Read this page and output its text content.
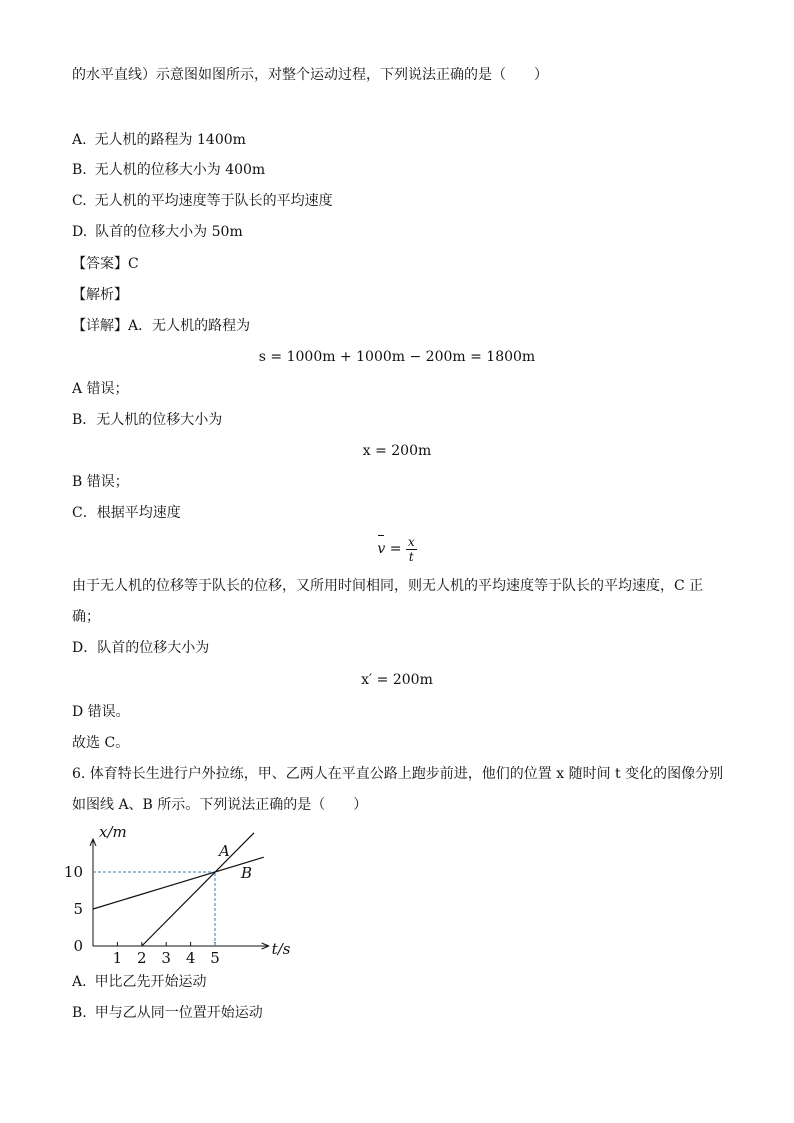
的水平直线）示意图如图所示，对整个运动过程，下列说法正确的是（　　）
A. 无人机的路程为 1400m
B. 无人机的位移大小为 400m
C. 无人机的平均速度等于队长的平均速度
D. 队首的位移大小为 50m
【答案】C
【解析】
【详解】A．无人机的路程为
s = 1000m + 1000m − 200m = 1800m
A 错误；
B．无人机的位移大小为
x = 200m
B 错误；
C．根据平均速度
$v = \frac{x}{t}$
由于无人机的位移等于队长的位移，又所用时间相同，则无人机的平均速度等于队长的平均速度，C 正
确；
D．队首的位移大小为
x′ = 200m
D 错误。
故选 C。
6. 体育特长生进行户外拉练，甲、乙两人在平直公路上跑步前进，他们的位置 x 随时间 t 变化的图像分别
如图线 A、B 所示。下列说法正确的是（　　）
1 2 3 4 5
5
10
0
x/m
t/s
A
B
A. 甲比乙先开始运动
B. 甲与乙从同一位置开始运动
